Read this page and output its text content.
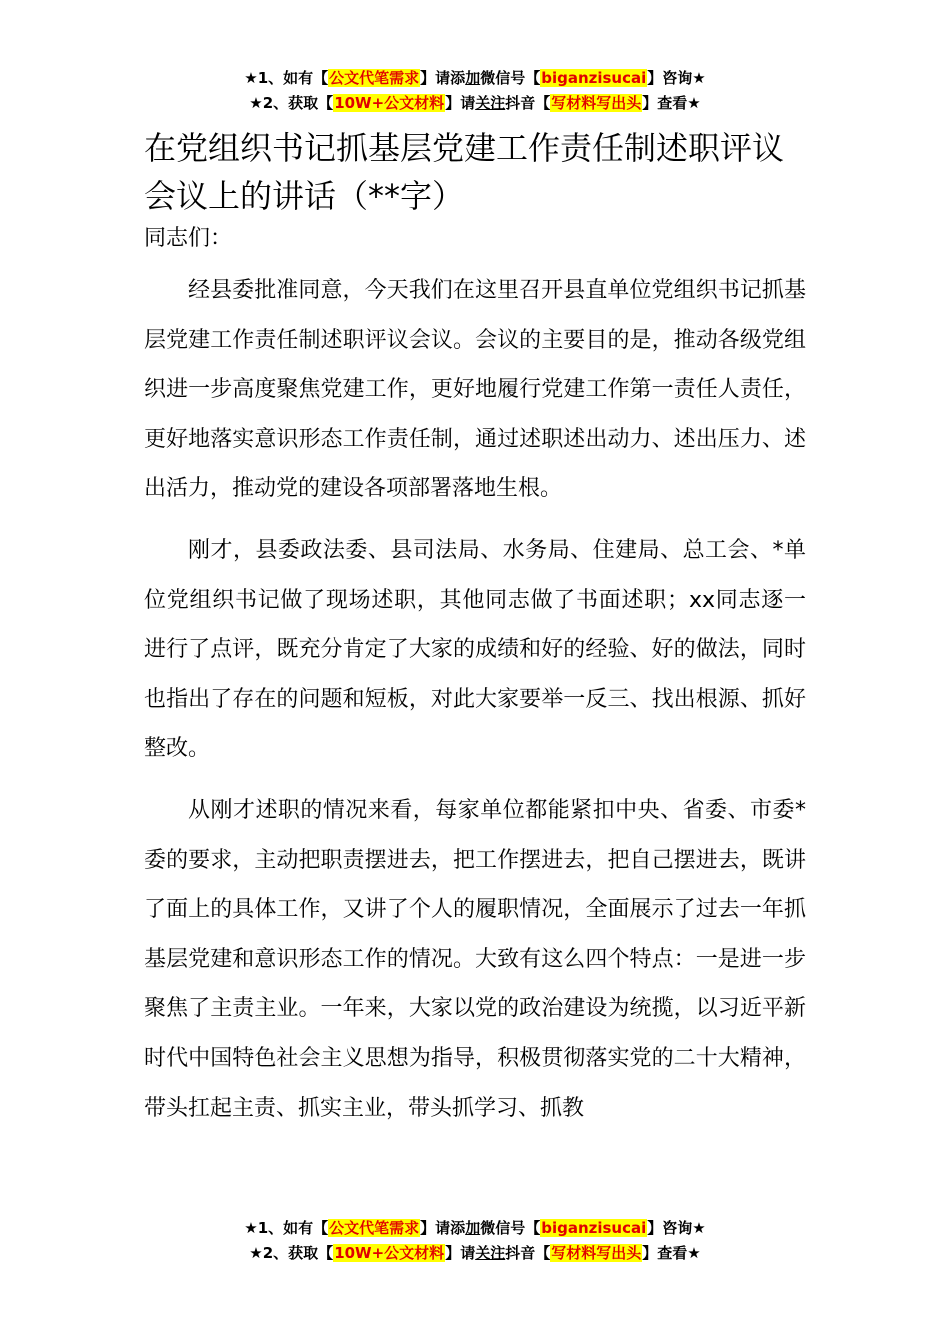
★1、如有【公文代笔需求】请添加微信号【biganzisucai】咨询★
★2、获取【10W+公文材料】请关注抖音【写材料写出头】查看★
在党组织书记抓基层党建工作责任制述职评议会议上的讲话（**字）

同志们：

经县委批准同意，今天我们在这里召开县直单位党组织书记抓基层党建工作责任制述职评议会议。会议的主要目的是，推动各级党组织进一步高度聚焦党建工作，更好地履行党建工作第一责任人责任，更好地落实意识形态工作责任制，通过述职述出动力、述出压力、述出活力，推动党的建设各项部署落地生根。

刚才，县委政法委、县司法局、水务局、住建局、总工会、*单位党组织书记做了现场述职，其他同志做了书面述职；xx同志逐一进行了点评，既充分肯定了大家的成绩和好的经验、好的做法，同时也指出了存在的问题和短板，对此大家要举一反三、找出根源、抓好整改。

从刚才述职的情况来看，每家单位都能紧扣中央、省委、市委*委的要求，主动把职责摆进去，把工作摆进去，把自己摆进去，既讲了面上的具体工作，又讲了个人的履职情况，全面展示了过去一年抓基层党建和意识形态工作的情况。大致有这么四个特点：一是进一步聚焦了主责主业。一年来，大家以党的政治建设为统揽，以习近平新时代中国特色社会主义思想为指导，积极贯彻落实党的二十大精神，带头扛起主责、抓实主业，带头抓学习、抓教

★1、如有【公文代笔需求】请添加微信号【biganzisucai】咨询★
★2、获取【10W+公文材料】请关注抖音【写材料写出头】查看★
